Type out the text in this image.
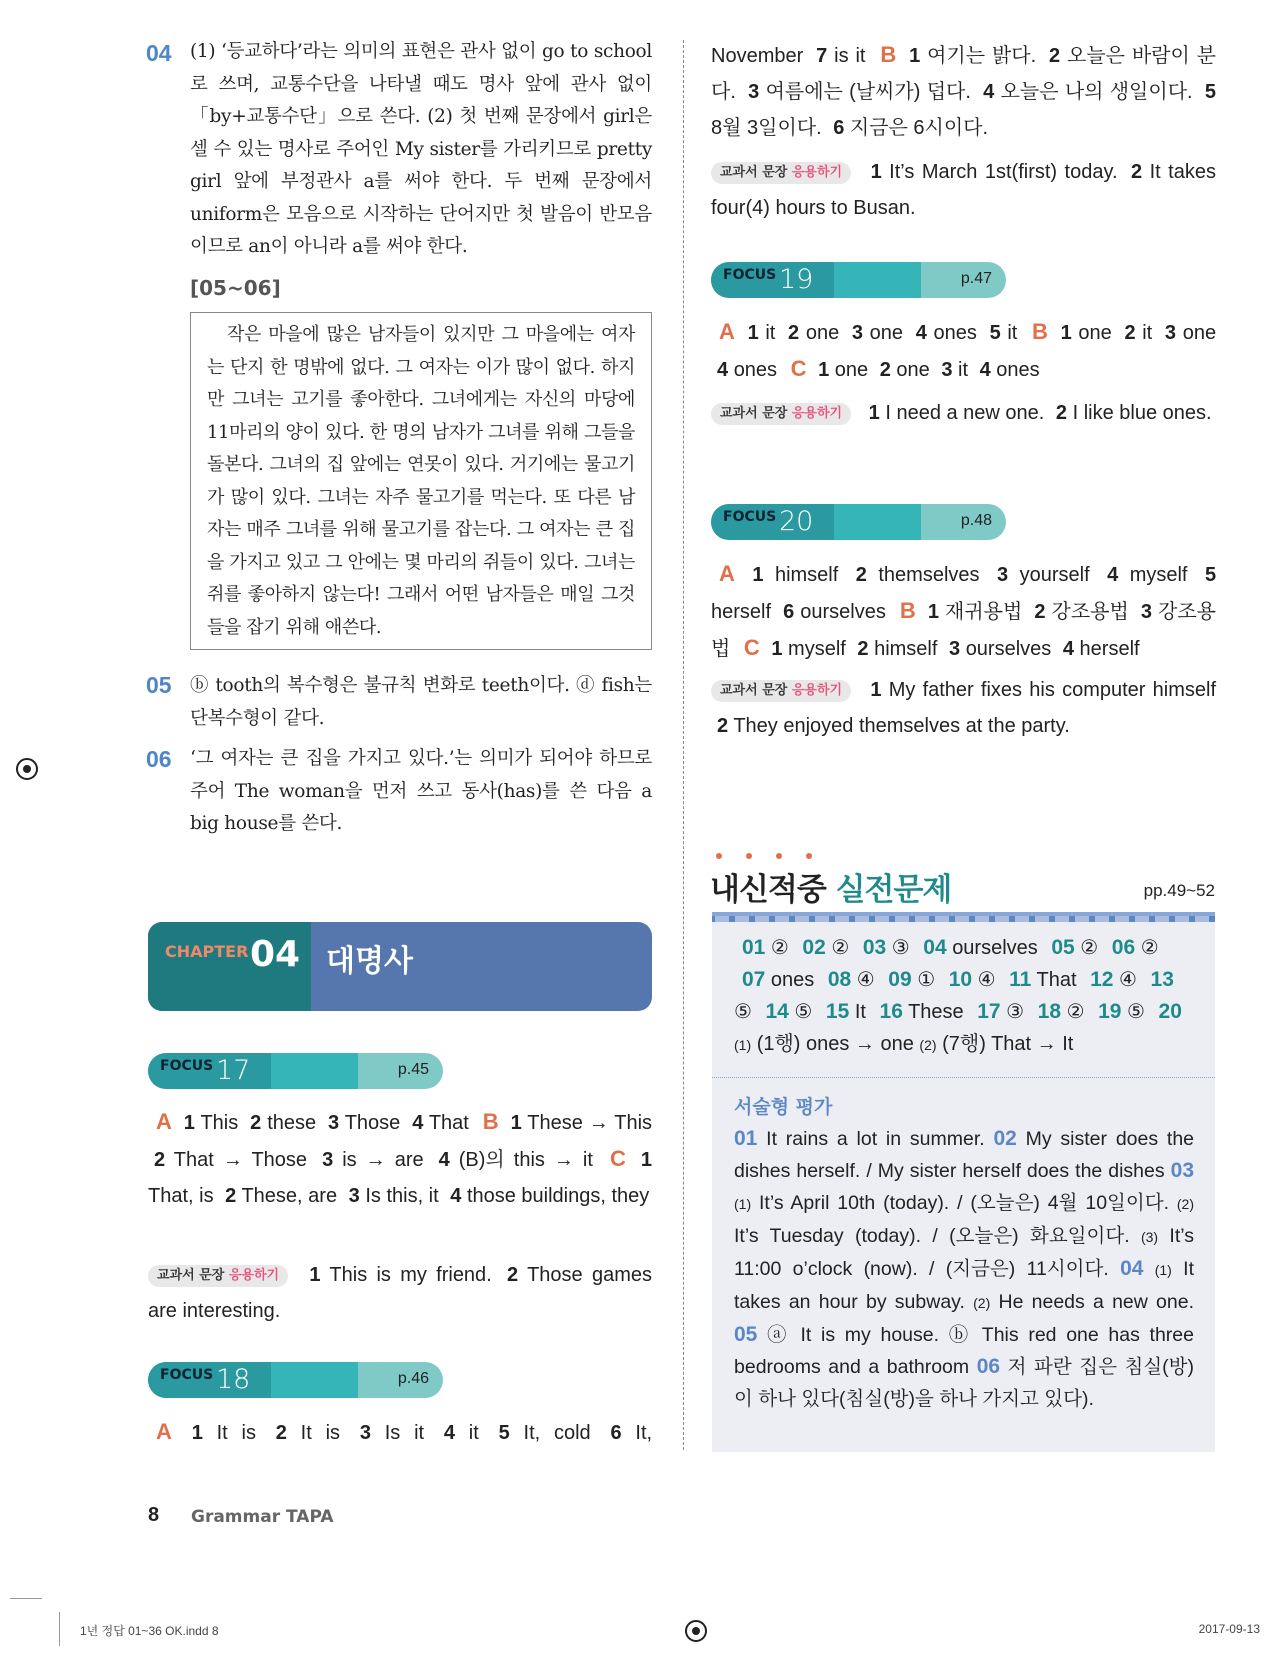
04 (1) ‘등교하다’라는 의미의 표현은 관사 없이 go to school로 쓰며, 교통수단을 나타낼 때도 명사 앞에 관사 없이 「by+교통수단」으로 쓴다. (2) 첫 번째 문장에서 girl은 셀 수 있는 명사로 주어인 My sister를 가리키므로 pretty girl 앞에 부정관사 a를 써야 한다. 두 번째 문장에서 uniform은 모음으로 시작하는 단어지만 첫 발음이 반모음이므로 an이 아니라 a를 써야 한다.
[05~06]
작은 마을에 많은 남자들이 있지만 그 마을에는 여자는 단지 한 명밖에 없다. 그 여자는 이가 많이 없다. 하지만 그녀는 고기를 좋아한다. 그녀에게는 자신의 마당에 11마리의 양이 있다. 한 명의 남자가 그녀를 위해 그들을 돌본다. 그녀의 집 앞에는 연못이 있다. 거기에는 물고기가 많이 있다. 그녀는 자주 물고기를 먹는다. 또 다른 남자는 매주 그녀를 위해 물고기를 잡는다. 그 여자는 큰 집을 가지고 있고 그 안에는 몇 마리의 쥐들이 있다. 그녀는 쥐를 좋아하지 않는다! 그래서 어떤 남자들은 매일 그것들을 잡기 위해 애쓴다.
05 ⓑ tooth의 복수형은 불규칙 변화로 teeth이다. ⓓ fish는 단복수형이 같다.
06 ‘그 여자는 큰 집을 가지고 있다.’는 의미가 되어야 하므로 주어 The woman을 먼저 쓰고 동사(has)를 쓴 다음 a big house를 쓴다.
CHAPTER 04 대명사
FOCUS 17	p.45
A 1 This 2 these 3 Those 4 That B 1 These → This 2 That → Those 3 is → are 4 (B)의 this → it C 1 That, is 2 These, are 3 Is this, it 4 those buildings, they
교과서 문장 응용하기 1 This is my friend. 2 Those games are interesting.
FOCUS 18	p.46
A 1 It is 2 It is 3 Is it 4 it 5 It, cold 6 It,
November 7 is it B 1 여기는 밝다. 2 오늘은 바람이 분다. 3 여름에는 (날씨가) 덥다. 4 오늘은 나의 생일이다. 5 8월 3일이다. 6 지금은 6시이다.
교과서 문장 응용하기 1 It’s March 1st(first) today. 2 It takes four(4) hours to Busan.
FOCUS 19	p.47
A 1 it 2 one 3 one 4 ones 5 it B 1 one 2 it 3 one 4 ones C 1 one 2 one 3 it 4 ones
교과서 문장 응용하기 1 I need a new one. 2 I like blue ones.
FOCUS 20	p.48
A 1 himself 2 themselves 3 yourself 4 myself 5 herself 6 ourselves B 1 재귀용법 2 강조용법 3 강조용법 C 1 myself 2 himself 3 ourselves 4 herself
교과서 문장 응용하기 1 My father fixes his computer himself 2 They enjoyed themselves at the party.
내신적중 실전문제	pp.49~52
01 ② 02 ② 03 ③ 04 ourselves 05 ② 06 ② 07 ones 08 ④ 09 ① 10 ④ 11 That 12 ④ 13 ⑤ 14 ⑤ 15 It 16 These 17 ③ 18 ② 19 ⑤ 20 (1) (1행) ones → one (2) (7행) That → It
서술형 평가
01 It rains a lot in summer. 02 My sister does the dishes herself. / My sister herself does the dishes 03 (1) It’s April 10th (today). / (오늘은) 4월 10일이다. (2) It’s Tuesday (today). / (오늘은) 화요일이다. (3) It’s 11:00 o’clock (now). / (지금은) 11시이다. 04 (1) It takes an hour by subway. (2) He needs a new one. 05 ⓐ It is my house. ⓑ This red one has three bedrooms and a bathroom 06 저 파란 집은 침실(방)이 하나 있다(침실(방)을 하나 가지고 있다).
8 Grammar TAPA
1년 정답 01~36 OK.indd 8	2017-09-13
